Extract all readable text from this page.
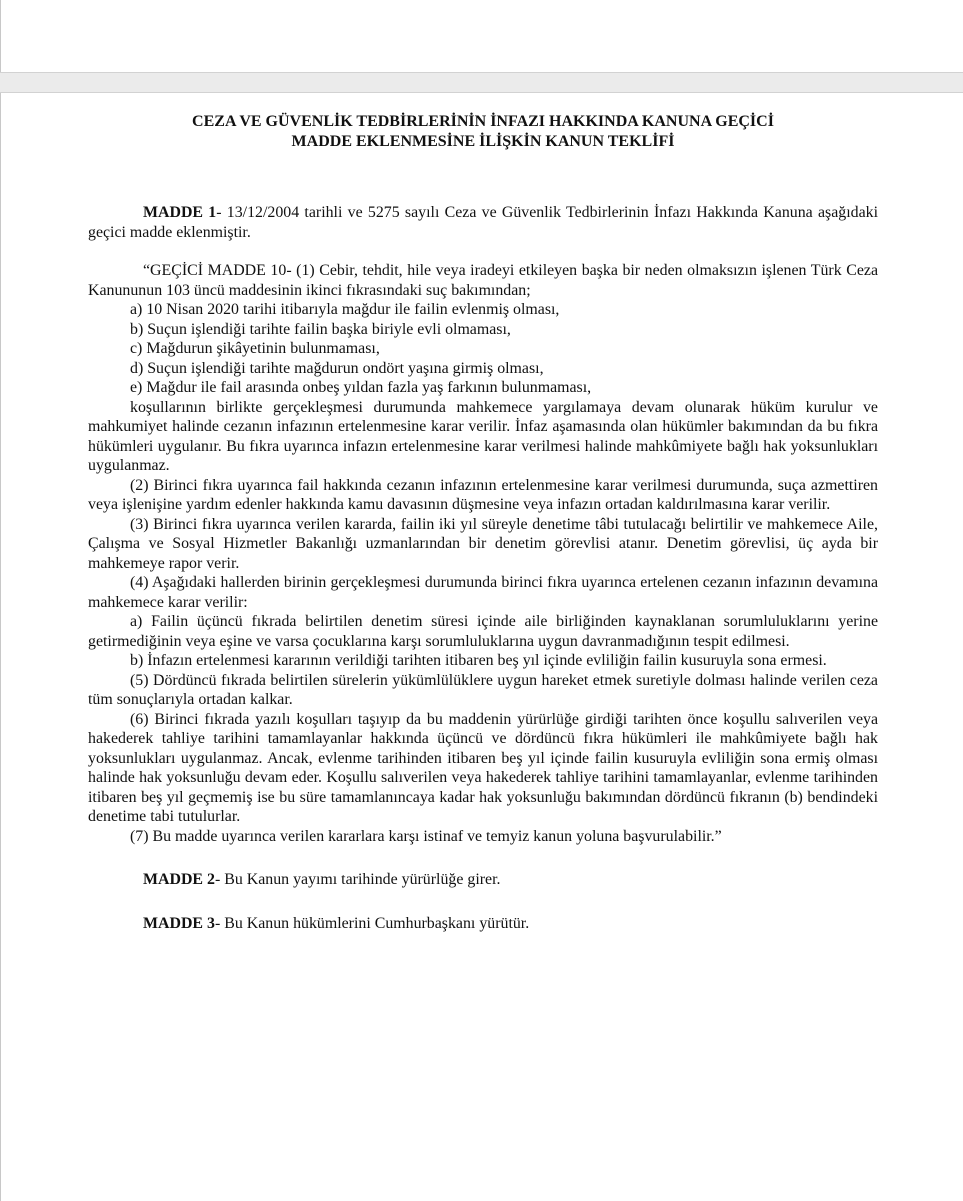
CEZA VE GÜVENLİK TEDBİRLERİNİN İNFAZI HAKKINDA KANUNA GEÇİCİ
MADDE EKLENMESİNE İLİŞKİN KANUN TEKLİFİ

MADDE 1- 13/12/2004 tarihli ve 5275 sayılı Ceza ve Güvenlik Tedbirlerinin İnfazı Hakkında Kanuna aşağıdaki geçici madde eklenmiştir.

“GEÇİCİ MADDE 10- (1) Cebir, tehdit, hile veya iradeyi etkileyen başka bir neden olmaksızın işlenen Türk Ceza Kanununun 103 üncü maddesinin ikinci fıkrasındaki suç bakımından;

a) 10 Nisan 2020 tarihi itibarıyla mağdur ile failin evlenmiş olması,

b) Suçun işlendiği tarihte failin başka biriyle evli olmaması,

c) Mağdurun şikâyetinin bulunmaması,

d) Suçun işlendiği tarihte mağdurun ondört yaşına girmiş olması,

e) Mağdur ile fail arasında onbeş yıldan fazla yaş farkının bulunmaması,

koşullarının birlikte gerçekleşmesi durumunda mahkemece yargılamaya devam olunarak hüküm kurulur ve mahkumiyet halinde cezanın infazının ertelenmesine karar verilir. İnfaz aşamasında olan hükümler bakımından da bu fıkra hükümleri uygulanır. Bu fıkra uyarınca infazın ertelenmesine karar verilmesi halinde mahkûmiyete bağlı hak yoksunlukları uygulanmaz.

(2) Birinci fıkra uyarınca fail hakkında cezanın infazının ertelenmesine karar verilmesi durumunda, suça azmettiren veya işlenişine yardım edenler hakkında kamu davasının düşmesine veya infazın ortadan kaldırılmasına karar verilir.

(3) Birinci fıkra uyarınca verilen kararda, failin iki yıl süreyle denetime tâbi tutulacağı belirtilir ve mahkemece Aile, Çalışma ve Sosyal Hizmetler Bakanlığı uzmanlarından bir denetim görevlisi atanır. Denetim görevlisi, üç ayda bir mahkemeye rapor verir.

(4) Aşağıdaki hallerden birinin gerçekleşmesi durumunda birinci fıkra uyarınca ertelenen cezanın infazının devamına mahkemece karar verilir:

a) Failin üçüncü fıkrada belirtilen denetim süresi içinde aile birliğinden kaynaklanan sorumluluklarını yerine getirmediğinin veya eşine ve varsa çocuklarına karşı sorumluluklarına uygun davranmadığının tespit edilmesi.

b) İnfazın ertelenmesi kararının verildiği tarihten itibaren beş yıl içinde evliliğin failin kusuruyla sona ermesi.

(5) Dördüncü fıkrada belirtilen sürelerin yükümlülüklere uygun hareket etmek suretiyle dolması halinde verilen ceza tüm sonuçlarıyla ortadan kalkar.

(6) Birinci fıkrada yazılı koşulları taşıyıp da bu maddenin yürürlüğe girdiği tarihten önce koşullu salıverilen veya hakederek tahliye tarihini tamamlayanlar hakkında üçüncü ve dördüncü fıkra hükümleri ile mahkûmiyete bağlı hak yoksunlukları uygulanmaz. Ancak, evlenme tarihinden itibaren beş yıl içinde failin kusuruyla evliliğin sona ermiş olması halinde hak yoksunluğu devam eder. Koşullu salıverilen veya hakederek tahliye tarihini tamamlayanlar, evlenme tarihinden itibaren beş yıl geçmemiş ise bu süre tamamlanıncaya kadar hak yoksunluğu bakımından dördüncü fıkranın (b) bendindeki denetime tabi tutulurlar.

(7) Bu madde uyarınca verilen kararlara karşı istinaf ve temyiz kanun yoluna başvurulabilir.”

MADDE 2- Bu Kanun yayımı tarihinde yürürlüğe girer.

MADDE 3- Bu Kanun hükümlerini Cumhurbaşkanı yürütür.
